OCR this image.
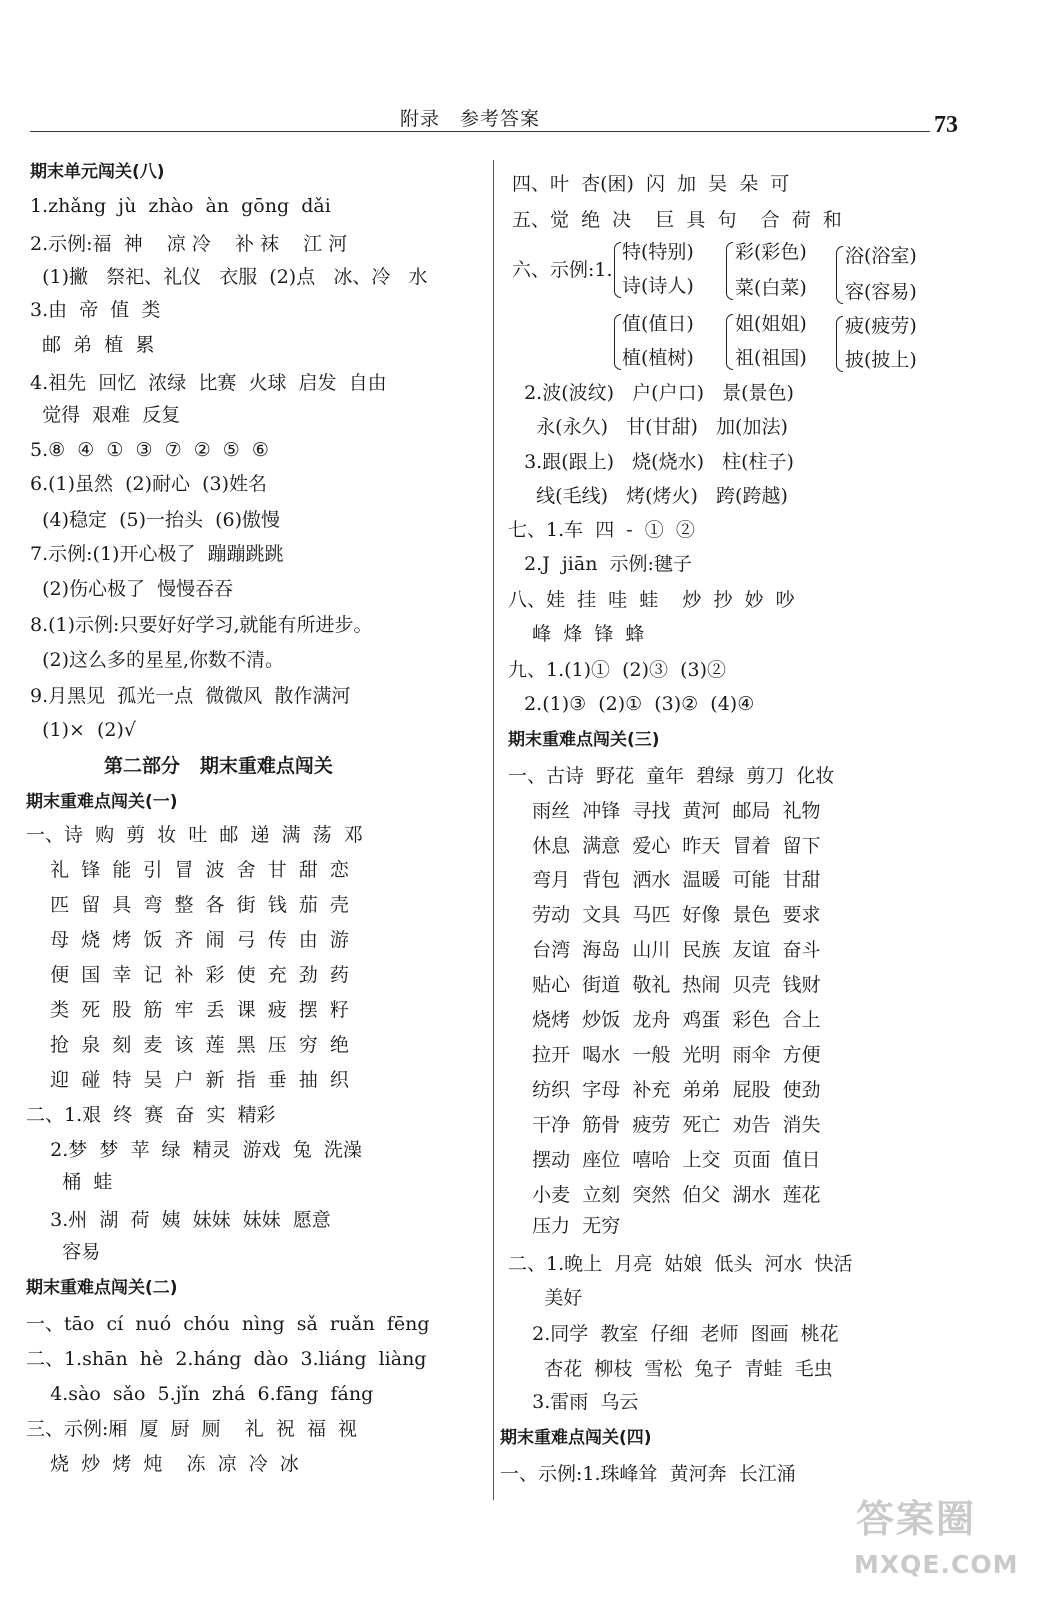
附录　参考答案	73
期末单元闯关(八)
1.zhǎng  jù  zhào  àn  gōng  dǎi
2.示例:福  神    凉 冷    补 袜    江 河
(1)撇   祭祀、礼仪   衣服  (2)点   冰、冷   水
3.由  帝  值  类
邮  弟  植  累
4.祖先  回忆  浓绿  比赛  火球  启发  自由
觉得  艰难  反复
5.⑧  ④  ①  ③  ⑦  ②  ⑤  ⑥
6.(1)虽然  (2)耐心  (3)姓名
(4)稳定  (5)一抬头  (6)傲慢
7.示例:(1)开心极了  蹦蹦跳跳
(2)伤心极了  慢慢吞吞
8.(1)示例:只要好好学习,就能有所进步。
(2)这么多的星星,你数不清。
9.月黑见  孤光一点  微微风  散作满河
(1)×  (2)√
第二部分   期末重难点闯关
期末重难点闯关(一)
一、诗  购  剪  妆  吐  邮  递  满  荡  邓
礼  锋  能  引  冒  波  舍  甘  甜  恋
匹  留  具  弯  整  各  街  钱  茄  壳
母  烧  烤  饭  齐  闹  弓  传  由  游
便  国  幸  记  补  彩  使  充  劲  药
类  死  股  筋  牢  丢  课  疲  摆  籽
抢  泉  刻  麦  该  莲  黑  压  穷  绝
迎  碰  特  吴  户  新  指  垂  抽  织
二、1.艰  终  赛  奋  实  精彩
2.梦  梦  苹  绿  精灵  游戏  兔  洗澡
桶  蛙
3.州  湖  荷  姨  妹妹  妹妹  愿意
容易
期末重难点闯关(二)
一、tāo  cí  nuó  chóu  nìng  sǎ  ruǎn  fēng
二、1.shān  hè  2.háng  dào  3.liáng  liàng
4.sào  sǎo  5.jǐn  zhá  6.fāng  fáng
三、示例:厢  厦  厨  厕    礼  祝  福  视
烧  炒  烤  炖    冻  凉  冷  冰
四、叶  杏(困)  闪  加  吴  朵  可
五、觉  绝  决    巨  具  句    合  荷  和
六、示例:1.
特(特别)
诗(诗人)
彩(彩色)
菜(白菜)
浴(浴室)
容(容易)
值(值日)
植(植树)
姐(姐姐)
祖(祖国)
疲(疲劳)
披(披上)
2.波(波纹)   户(户口)   景(景色)
永(永久)   甘(甘甜)   加(加法)
3.跟(跟上)   烧(烧水)   柱(柱子)
线(毛线)   烤(烤火)   跨(跨越)
七、1.车  四  -  ①  ②
2.J  jiān  示例:毽子
八、娃  挂  哇  蛙    炒  抄  妙  吵
峰  烽  锋  蜂
九、1.(1)①  (2)③  (3)②
2.(1)③  (2)①  (3)②  (4)④
期末重难点闯关(三)
一、古诗  野花  童年  碧绿  剪刀  化妆
雨丝  冲锋  寻找  黄河  邮局  礼物
休息  满意  爱心  昨天  冒着  留下
弯月  背包  洒水  温暖  可能  甘甜
劳动  文具  马匹  好像  景色  要求
台湾  海岛  山川  民族  友谊  奋斗
贴心  街道  敬礼  热闹  贝壳  钱财
烧烤  炒饭  龙舟  鸡蛋  彩色  合上
拉开  喝水  一般  光明  雨伞  方便
纺织  字母  补充  弟弟  屁股  使劲
干净  筋骨  疲劳  死亡  劝告  消失
摆动  座位  嘻哈  上交  页面  值日
小麦  立刻  突然  伯父  湖水  莲花
压力  无穷
二、1.晚上  月亮  姑娘  低头  河水  快活
美好
2.同学  教室  仔细  老师  图画  桃花
杏花  柳枝  雪松  兔子  青蛙  毛虫
3.雷雨  乌云
期末重难点闯关(四)
一、示例:1.珠峰耸  黄河奔  长江涌
答案圈
MXQE.COM
